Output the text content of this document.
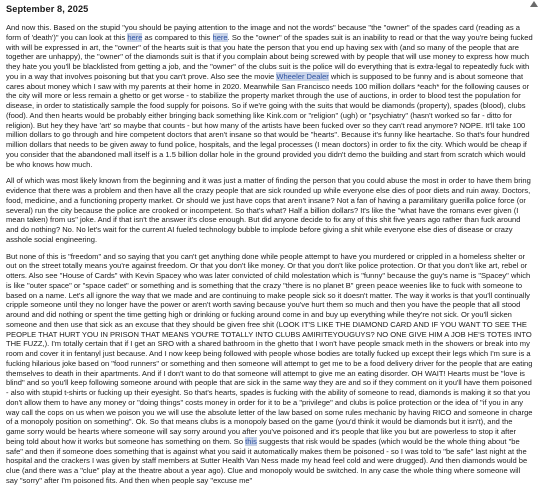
September 8, 2025

And now this. Based on the stupid "you should be paying attention to the image and not the words" because "the "owner" of the spades card (reading as a form of 'death')" you can look at this here as compared to this here. So the "owner" of the spades suit is an inability to read or that the way you're being fucked with will be expressed in art, the "owner" of the hearts suit is that you hate the person that you end up having sex with (and so many of the people that are together are unhappy), the "owner" of the diamonds suit is that if you complain about being screwed with by people that will use money to express how much they hate you you'll be blacklisted from getting a job, and the "owner" of the clubs suit is the police will do everything that is extra-legal to repeatedly fuck with you in a way that involves poisoning but that you can't prove. Also see the movie Wheeler Dealer which is supposed to be funny and is about someone that cares about money which I saw with my parents at their home in 2020. Meanwhile San Francisco needs 100 million dollars *each* for the following causes or the city will more or less remain a ghetto or get worse - to stabilize the property market through the use of auctions, in order to blood test the population for disease, in order to statistically sample the food supply for poisons. So if we're going with the suits that would be diamonds (property), spades (blood), clubs (food). And then hearts would be probably either bringing back something like Kink.com or "religion" (ugh) or "psychiatry" (hasn't worked so far - ditto for religion). But hey they have 'art' so maybe that counts - but how many of the artists have been fucked over so they can't read anymore? NOPE. It'll take 100 million dollars to go through and hire competent doctors that aren't insane so that would be "hearts". Because it's funny like heartache. So that's four hundred million dollars that needs to be given away to fund police, hospitals, and the legal processes (I mean doctors) in order to fix the city. Which would be cheap if you consider that the abandoned mall itself is a 1.5 billion dollar hole in the ground provided you didn't demo the building and start from scratch which would be who knows how much.

All of which was most likely known from the beginning and it was just a matter of finding the person that you could abuse the most in order to have them bring evidence that there was a problem and then have all the crazy people that are sick rounded up while everyone else dies of poor diets and ruin away. Doctors, food, medicine, and a functioning property market. Or should we just have cops that aren't insane? Not a fan of having a paramilitary guerilla police force (or several) run the city because the police are crooked or incompetent. So that's what? Half a billion dollars? It's like the "what have the romans ever given (I mean taken) from us" joke. And if that isn't the answer it's close enough. But did anyone decide to fix any of this shit five years ago rather than fuck around and do nothing? No. No let's wait for the current AI fueled technology bubble to implode before giving a shit while everyone else dies of disease or crazy asshole social engineering.

But none of this is "freedom" and so saying that you can't get anything done while people attempt to have you murdered or crippled in a homeless shelter or out on the street totally means you're against freedom. Or that you don't like money. Or that you don't like police protection. Or that you don't like art, rebel or otters. Also see "House of Cards" with Kevin Spacey who was later convicted of child molestation which is "funny" because the guy's name is "Spacey" which is like "outer space" or "space cadet" or something and is something that the crazy "there is no planet B" green peace weenies like to fuck with someone to based on a name. Let's all ignore the way that we made and are continuing to make people sick so it doesn't matter. The way it works is that you'll continually cripple someone until they no longer have the power or aren't worth saving because you've hurt them so much and then you have the people that all stood around and did nothing or spent the time getting high or drinking or fucking around come in and buy up everything while they're not sick. Or you'll sicken someone and then use that sick as an excuse that they should be given free shit (LOOK IT'S LIKE THE DIAMOND CARD AND IF YOU WANT TO SEE THE PEOPLE THAT HURT YOU IN PRISON THAT MEANS YOU'RE TOTALLY INTO CLUBS AMIRITEYOUGUYS? NO ONE GIVE HIM A JOB HE'S TOTES INTO THE FUZZ,). I'm totally certain that if I get an SRO with a shared bathroom in the ghetto that I won't have people smack meth in the showers or break into my room and cover it in fentanyl just because. And I now keep being followed with people whose bodies are totally fucked up except their legs which I'm sure is a fucking hilarious joke based on "food runners" or something and then someone will attempt to get me to be a food delivery driver for the people that are eating themselves to death in their apartments. And if I don't want to do that someone will attempt to give me an eating disorder. OH WAIT! Hearts must be "love is blind" and so you'll keep following someone around with people that are sick in the same way they are and so if they comment on it you'll have them poisoned - also with stupid t-shirts or fucking up their eyesight. So that's hearts, spades is fucking with the ability of someone to read, diamonds is making it so that you don't allow them to have any money or "doing things" costs money in order for it to be a "privilege" and clubs is police protection or the idea of "if you in any way call the cops on us when we poison you we will use the absolute letter of the law based on some rules mechanic by having RICO and someone in charge of a monopoly position on something". Ok. So that means clubs is a monopoly based on the game (you'd think it would be diamonds but it isn't), and the game sorry would be hearts where someone will say sorry around you after you've poisoned and it's people that like you but are powerless to stop it after being told about how it works but someone has something on them. So this suggests that risk would be spades (which would be the whole thing about "be safe" and then if someone does something that is against what you said it automatically makes them be poisoned - so I was told to "be safe" last night at the hospital and the crackers I was given by staff members at Sutter Health Van Ness made my head feel cold and were drugged). And then diamonds would be clue (and there was a "clue" play at the theatre about a year ago). Clue and monopoly would be switched. In any case the whole thing where someone will say "sorry" after I'm poisoned fits. And then when people say "excuse me"
